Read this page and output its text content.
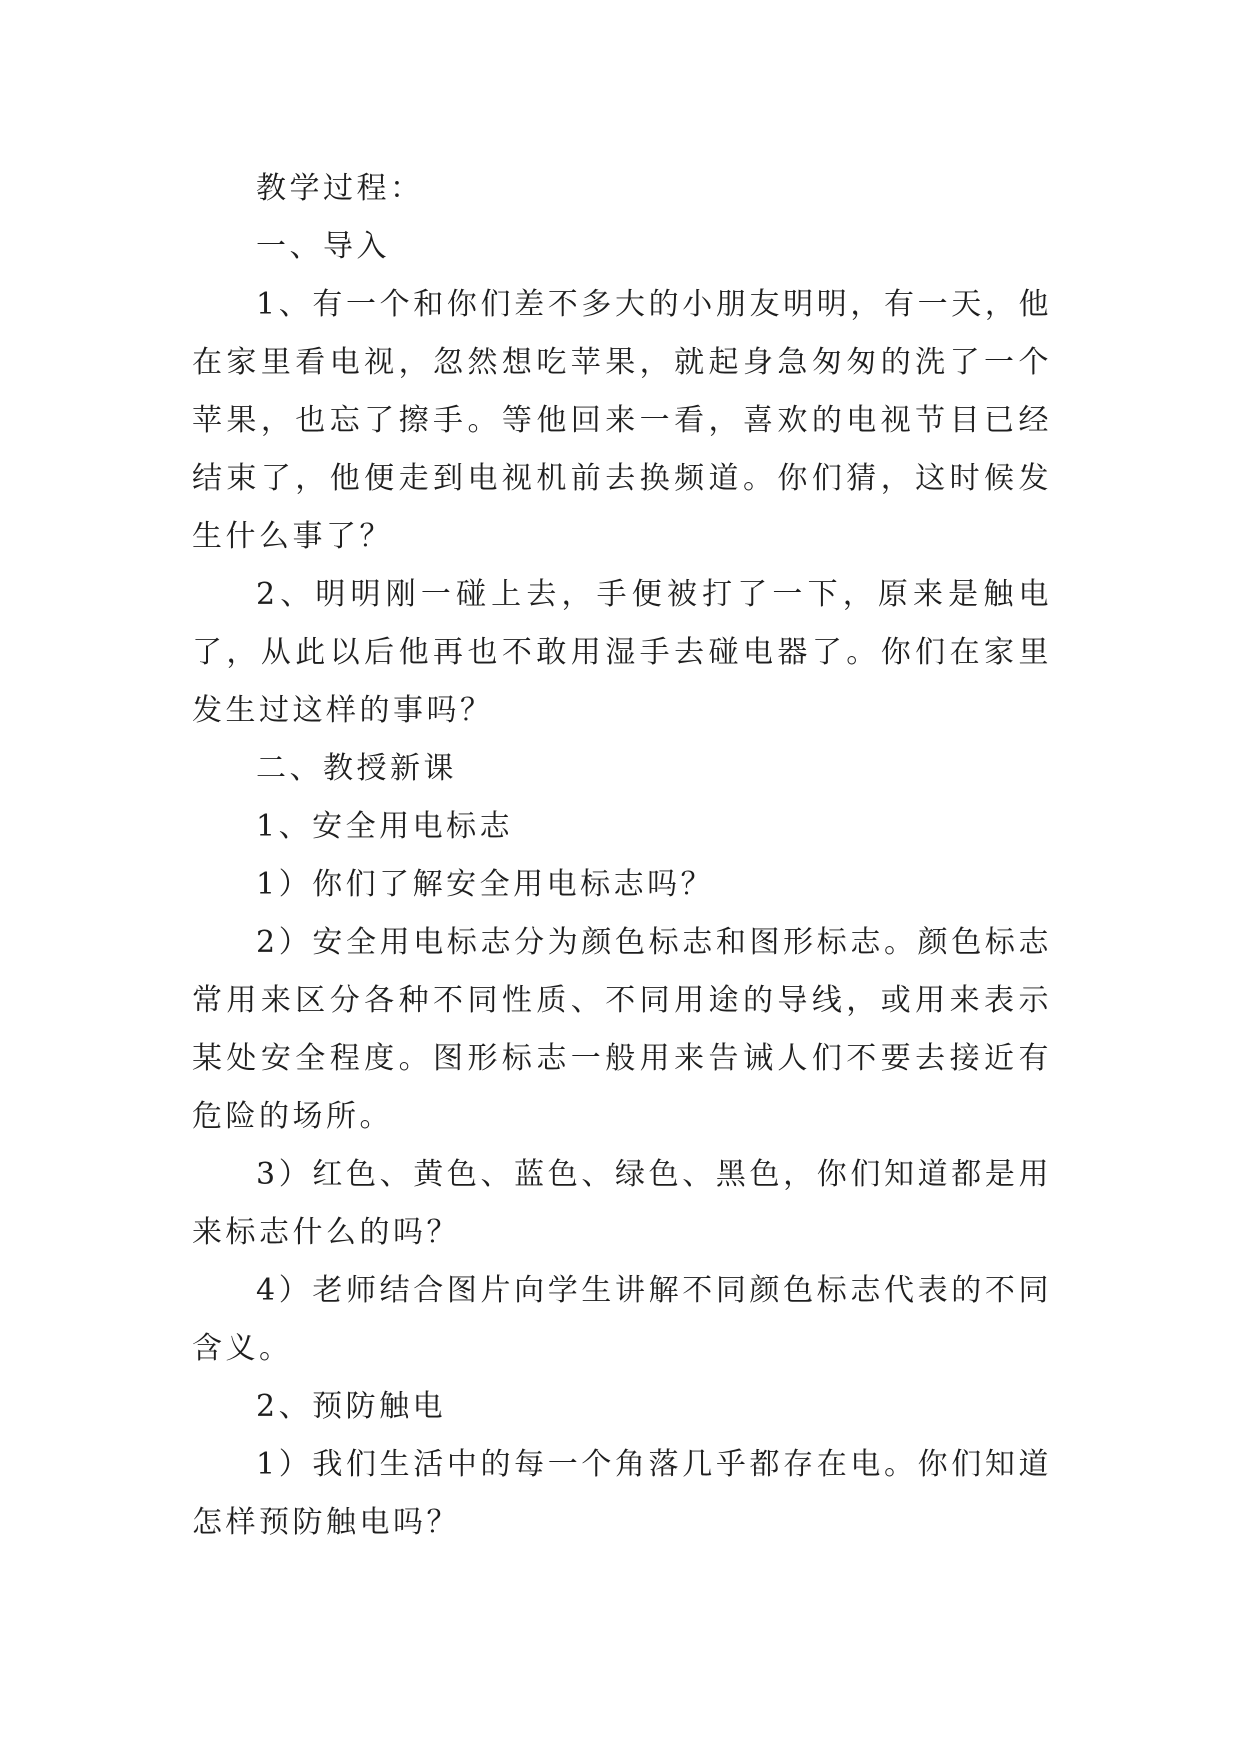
教学过程：

一、导入

1、有一个和你们差不多大的小朋友明明，有一天，他在家里看电视，忽然想吃苹果，就起身急匆匆的洗了一个苹果，也忘了擦手。等他回来一看，喜欢的电视节目已经结束了，他便走到电视机前去换频道。你们猜，这时候发生什么事了？

2、明明刚一碰上去，手便被打了一下，原来是触电了，从此以后他再也不敢用湿手去碰电器了。你们在家里发生过这样的事吗？

二、教授新课

1、安全用电标志

1）你们了解安全用电标志吗？

2）安全用电标志分为颜色标志和图形标志。颜色标志常用来区分各种不同性质、不同用途的导线，或用来表示某处安全程度。图形标志一般用来告诫人们不要去接近有危险的场所。

3）红色、黄色、蓝色、绿色、黑色，你们知道都是用来标志什么的吗？

4）老师结合图片向学生讲解不同颜色标志代表的不同含义。

2、预防触电

1）我们生活中的每一个角落几乎都存在电。你们知道怎样预防触电吗？
